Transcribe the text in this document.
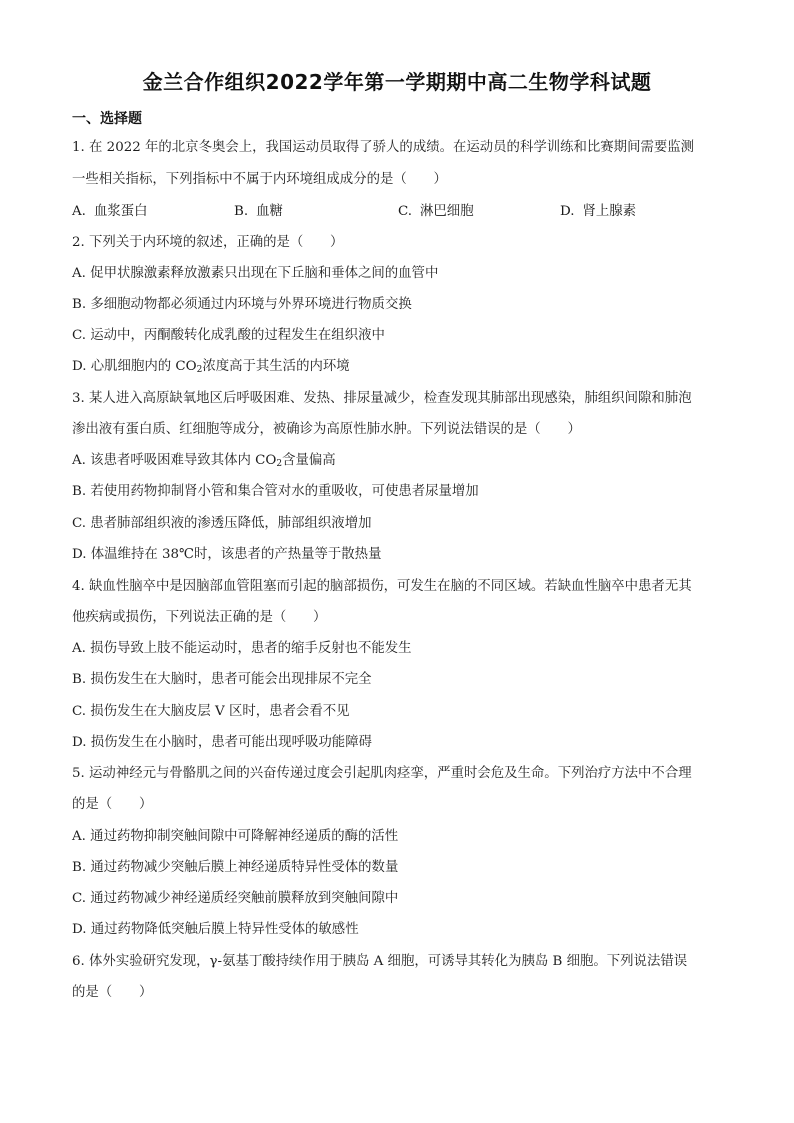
金兰合作组织2022学年第一学期期中高二生物学科试题
一、选择题
1. 在 2022 年的北京冬奥会上，我国运动员取得了骄人的成绩。在运动员的科学训练和比赛期间需要监测
一些相关指标，下列指标中不属于内环境组成成分的是（　　）
A. 血浆蛋白	B. 血糖	C. 淋巴细胞	D. 肾上腺素
2. 下列关于内环境的叙述，正确的是（　　）
A. 促甲状腺激素释放激素只出现在下丘脑和垂体之间的血管中
B. 多细胞动物都必须通过内环境与外界环境进行物质交换
C. 运动中，丙酮酸转化成乳酸的过程发生在组织液中
D. 心肌细胞内的 $CO_2$浓度高于其生活的内环境
3. 某人进入高原缺氧地区后呼吸困难、发热、排尿量减少，检查发现其肺部出现感染，肺组织间隙和肺泡
渗出液有蛋白质、红细胞等成分，被确诊为高原性肺水肿。下列说法错误的是（　　）
A. 该患者呼吸困难导致其体内 $CO_2$含量偏高
B. 若使用药物抑制肾小管和集合管对水的重吸收，可使患者尿量增加
C. 患者肺部组织液的渗透压降低，肺部组织液增加
D. 体温维持在 38℃时，该患者的产热量等于散热量
4. 缺血性脑卒中是因脑部血管阻塞而引起的脑部损伤，可发生在脑的不同区域。若缺血性脑卒中患者无其
他疾病或损伤，下列说法正确的是（　　）
A. 损伤导致上肢不能运动时，患者的缩手反射也不能发生
B. 损伤发生在大脑时，患者可能会出现排尿不完全
C. 损伤发生在大脑皮层 V 区时，患者会看不见
D. 损伤发生在小脑时，患者可能出现呼吸功能障碍
5. 运动神经元与骨骼肌之间的兴奋传递过度会引起肌肉痉挛，严重时会危及生命。下列治疗方法中不合理
的是（　　）
A. 通过药物抑制突触间隙中可降解神经递质的酶的活性
B. 通过药物减少突触后膜上神经递质特异性受体的数量
C. 通过药物减少神经递质经突触前膜释放到突触间隙中
D. 通过药物降低突触后膜上特异性受体的敏感性
6. 体外实验研究发现，γ-氨基丁酸持续作用于胰岛 A 细胞，可诱导其转化为胰岛 B 细胞。下列说法错误
的是（　　）
